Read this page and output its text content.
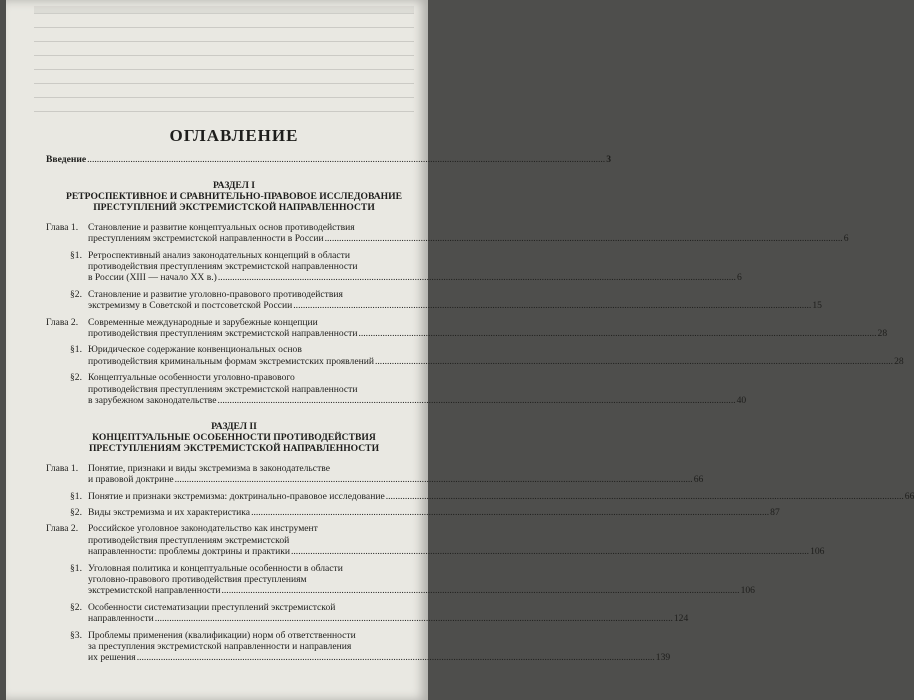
ОГЛАВЛЕНИЕ
Введение .....	3
РАЗДЕЛ I
РЕТРОСПЕКТИВНОЕ И СРАВНИТЕЛЬНО-ПРАВОВОЕ ИССЛЕДОВАНИЕ ПРЕСТУПЛЕНИЙ ЭКСТРЕМИСТСКОЙ НАПРАВЛЕННОСТИ
Глава 1.	Становление и развитие концептуальных основ противодействия
преступлениям экстремистской направленности в России .....	6
§1. Ретроспективный анализ законодательных концепций в области
противодействия преступлениям экстремистской направленности
в России (XIII — начало XX в.) .....	6
§2. Становление и развитие уголовно-правового противодействия
экстремизму в Советской и постсоветской России .....	15
Глава 2.	Современные международные и зарубежные концепции
противодействия преступлениям экстремистской направленности .....	28
§1. Юридическое содержание конвенциональных основ
противодействия криминальным формам экстремистских проявлений .....	28
§2. Концептуальные особенности уголовно-правового
противодействия преступлениям экстремистской направленности
в зарубежном законодательстве .....	40
РАЗДЕЛ II
КОНЦЕПТУАЛЬНЫЕ ОСОБЕННОСТИ ПРОТИВОДЕЙСТВИЯ ПРЕСТУПЛЕНИЯМ ЭКСТРЕМИСТСКОЙ НАПРАВЛЕННОСТИ
Глава 1.	Понятие, признаки и виды экстремизма в законодательстве
и правовой доктрине .....	66
§1. Понятие и признаки экстремизма: доктринально-правовое исследование .....	66
§2. Виды экстремизма и их характеристика .....	87
Глава 2.	Российское уголовное законодательство как инструмент
противодействия преступлениям экстремистской
направленности: проблемы доктрины и практики .....	106
§1. Уголовная политика и концептуальные особенности в области
уголовно-правового противодействия преступлениям
экстремистской направленности .....	106
§2. Особенности систематизации преступлений экстремистской
направленности .....	124
§3. Проблемы применения (квалификации) норм об ответственности
за преступления экстремистской направленности и направления
их решения .....	139
